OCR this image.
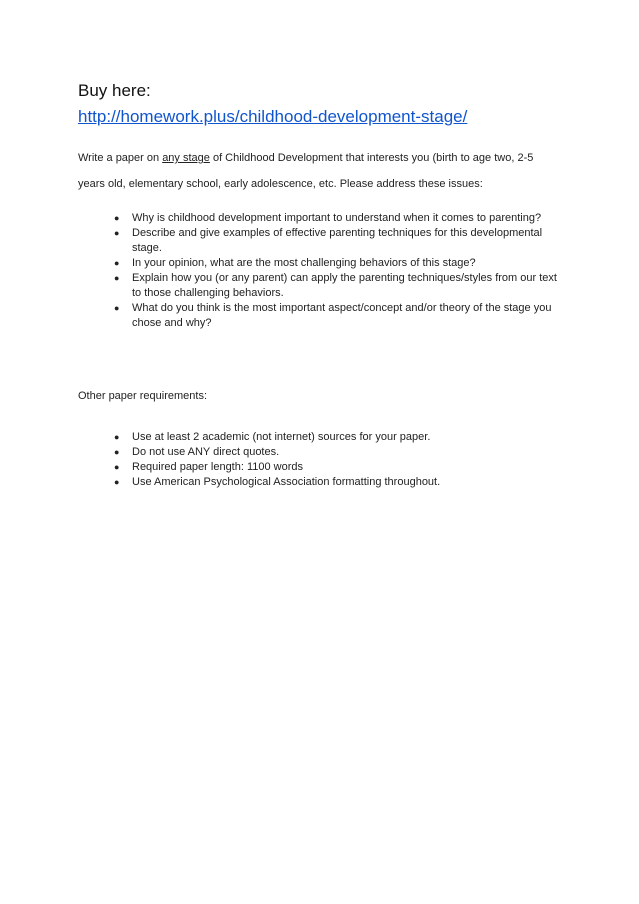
Buy here:

http://homework.plus/childhood-development-stage/
Write a paper on any stage of Childhood Development that interests you (birth to age two, 2-5
years old, elementary school, early adolescence, etc. Please address these issues:
● Why is childhood development important to understand when it comes to parenting?
● Describe and give examples of effective parenting techniques for this developmental stage.
● In your opinion, what are the most challenging behaviors of this stage?
● Explain how you (or any parent) can apply the parenting techniques/styles from our text to those challenging behaviors.
● What do you think is the most important aspect/concept and/or theory of the stage you chose and why?
Other paper requirements:
● Use at least 2 academic (not internet) sources for your paper.
● Do not use ANY direct quotes.
● Required paper length: 1100 words
● Use American Psychological Association formatting throughout.
